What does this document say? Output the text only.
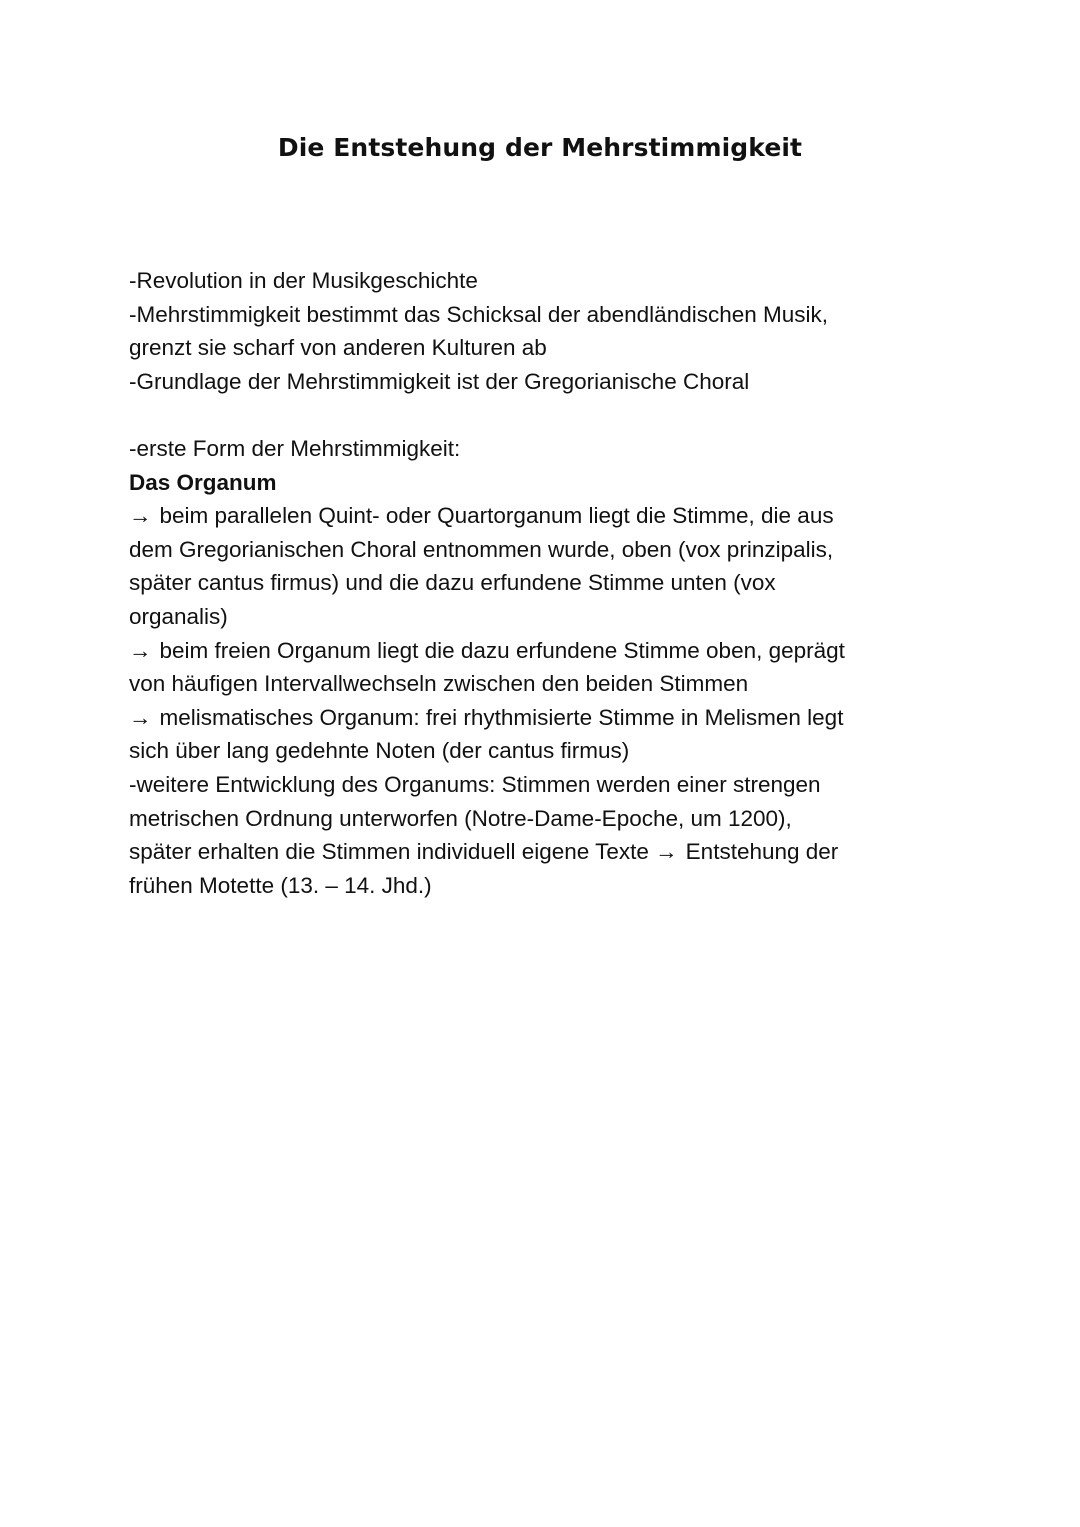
Die Entstehung der Mehrstimmigkeit
-Revolution in der Musikgeschichte
-Mehrstimmigkeit bestimmt das Schicksal der abendländischen Musik,
grenzt sie scharf von anderen Kulturen ab
-Grundlage der Mehrstimmigkeit ist der Gregorianische Choral
-erste Form der Mehrstimmigkeit:
Das Organum
→ beim parallelen Quint- oder Quartorganum liegt die Stimme, die aus
dem Gregorianischen Choral entnommen wurde, oben (vox prinzipalis,
später cantus firmus) und die dazu erfundene Stimme unten (vox
organalis)
→ beim freien Organum liegt die dazu erfundene Stimme oben, geprägt
von häufigen Intervallwechseln zwischen den beiden Stimmen
→ melismatisches Organum: frei rhythmisierte Stimme in Melismen legt
sich über lang gedehnte Noten (der cantus firmus)
-weitere Entwicklung des Organums: Stimmen werden einer strengen
metrischen Ordnung unterworfen (Notre-Dame-Epoche, um 1200),
später erhalten die Stimmen individuell eigene Texte → Entstehung der
frühen Motette (13. – 14. Jhd.)
